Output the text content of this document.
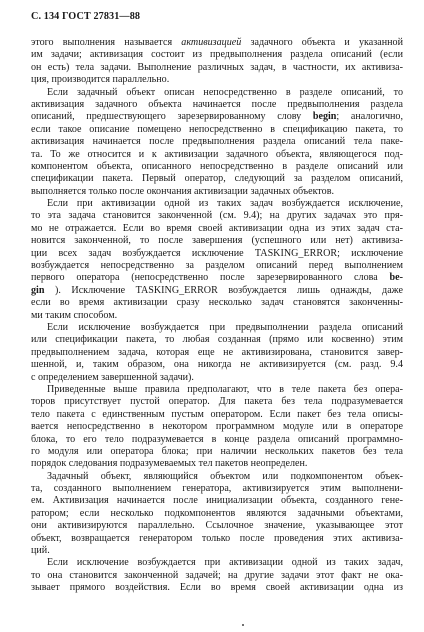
С. 134 ГОСТ 27831—88
этого выполнения называется активизацией задачного объекта и указанной
им задачи; активизация состоит из предвыполнения раздела описаний (если
он есть) тела задачи. Выполнение различных задач, в частности, их активиза-
ция, производится параллельно.
Если задачный объект описан непосредственно в разделе описаний, то
активизация задачного объекта начинается после предвыполнения раздела
описаний, предшествующего зарезервированному слову begin; аналогично,
если такое описание помещено непосредственно в спецификацию пакета, то
активизация начинается после предвыполнения раздела описаний тела паке-
та. То же относится и к активизации задачного объекта, являющегося под-
компонентом объекта, описанного непосредственно в разделе описаний или
спецификации пакета. Первый оператор, следующий за разделом описаний,
выполняется только после окончания активизации задачных объектов.
Если при активизации одной из таких задач возбуждается исключение,
то эта задача становится законченной (см. 9.4); на других задачах это пря-
мо не отражается. Если во время своей активизации одна из этих задач ста-
новится законченной, то после завершения (успешного или нет) активиза-
ции всех задач возбуждается исключение TASKING_ERROR; исключение
возбуждается непосредственно за разделом описаний перед выполнением
первого оператора (непосредственно после зарезервированного слова be-
gin ). Исключение TASKING_ERROR возбуждается лишь однажды, даже
если во время активизации сразу несколько задач становятся законченны-
ми таким способом.
Если исключение возбуждается при предвыполнении раздела описаний
или спецификации пакета, то любая созданная (прямо или косвенно) этим
предвыполнением задача, которая еще не активизирована, становится завер-
шенной, и, таким образом, она никогда не активизируется (см. разд. 9.4
с определением завершенной задачи).
Приведенные выше правила предполагают, что в теле пакета без опера-
торов присутствует пустой оператор. Для пакета без тела подразумевается
тело пакета с единственным пустым оператором. Если пакет без тела описы-
вается непосредственно в некотором программном модуле или в операторе
блока, то его тело подразумевается в конце раздела описаний программно-
го модуля или оператора блока; при наличии нескольких пакетов без тела
порядок следования подразумеваемых тел пакетов неопределен.
Задачный объект, являющийся объектом или подкомпонентом объек-
та, созданного выполнением генератора, активизируется этим выполнени-
ем. Активизация начинается после инициализации объекта, созданного гене-
ратором; если несколько подкомпонентов являются задачными объектами,
они активизируются параллельно. Ссылочное значение, указывающее этот
объект, возвращается генератором только после проведения этих активиза-
ций.
Если исключение возбуждается при активизации одной из таких задач,
то она становится законченной задачей; на другие задачи этот факт не ока-
зывает прямого воздействия. Если во время своей активизации одна из
